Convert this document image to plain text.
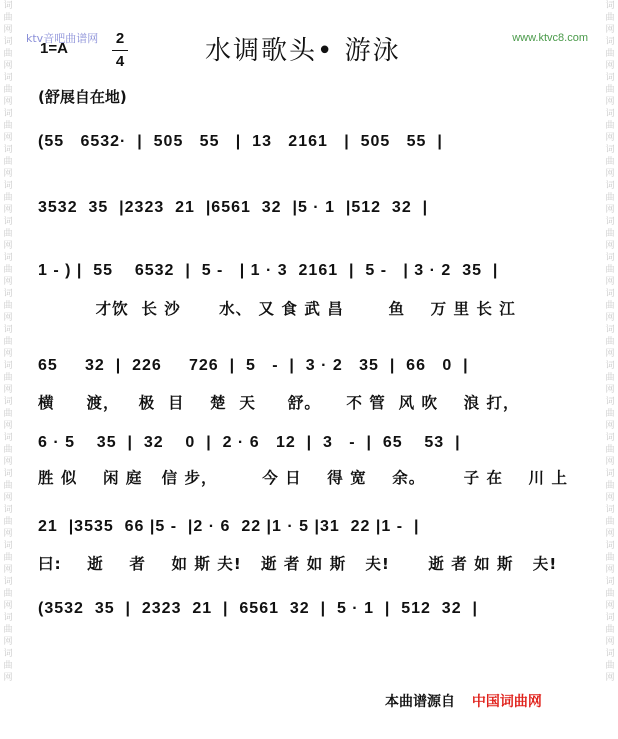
词曲网词曲网词曲网词曲网词曲网词曲网词曲网词曲网词曲网词曲网词曲网词曲网词曲网词曲网词曲网词曲网词曲网词曲网词曲网
词曲网词曲网词曲网词曲网词曲网词曲网词曲网词曲网词曲网词曲网词曲网词曲网词曲网词曲网词曲网词曲网词曲网词曲网词曲网
ktv音吧曲谱网	www.ktvc8.com
1=A	$\frac{2}{4}$	水调歌头• 游泳
(舒展自在地)
(55   6532·  |  505   55   |  13   2161   |  505   55  |
3532  35  |2323  21  |6561  32  |5 · 1  |512  32  |
1 - ) |  55    6532  |  5 -   | 1 · 3  2161  |  5 -   | 3 · 2  35  |
才饮  长 沙      水、 又 食 武 昌       鱼    万 里 长 江
65     32  |  226     726  |  5   -  |  3 · 2   35  |  66   0  |
横     渡，   极  目    楚  天     舒。    不 管  风 吹    浪 打，
6 · 5    35  |  32    0  |  2 · 6   12  |  3   -  |  65    53  |
胜 似    闲 庭   信 步，       今 日    得 宽    余。      子 在    川 上
21  |3535  66 |5 -  |2 · 6  22 |1 · 5 |31  22 |1 -  |
曰:    逝    者    如 斯 夫!   逝 者 如 斯   夫!      逝 者 如 斯   夫!
(3532  35  |  2323  21  |  6561  32  |  5 · 1  |  512  32  |
本曲谱源自 中国词曲网
